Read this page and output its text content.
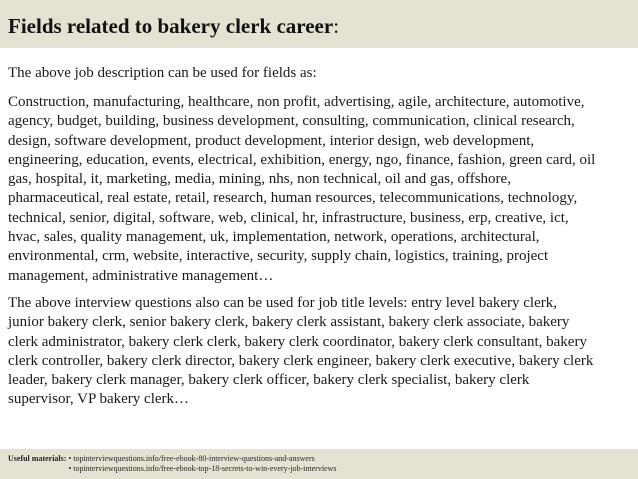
Fields related to bakery clerk career:

The above job description can be used for fields as:

Construction, manufacturing, healthcare, non profit, advertising, agile, architecture, automotive,
agency, budget, building, business development, consulting, communication, clinical research,
design, software development, product development, interior design, web development,
engineering, education, events, electrical, exhibition, energy, ngo, finance, fashion, green card, oil
gas, hospital, it, marketing, media, mining, nhs, non technical, oil and gas, offshore,
pharmaceutical, real estate, retail, research, human resources, telecommunications, technology,
technical, senior, digital, software, web, clinical, hr, infrastructure, business, erp, creative, ict,
hvac, sales, quality management, uk, implementation, network, operations, architectural,
environmental, crm, website, interactive, security, supply chain, logistics, training, project
management, administrative management…

The above interview questions also can be used for job title levels: entry level bakery clerk,
junior bakery clerk, senior bakery clerk, bakery clerk assistant, bakery clerk associate, bakery
clerk administrator, bakery clerk clerk, bakery clerk coordinator, bakery clerk consultant, bakery
clerk controller, bakery clerk director, bakery clerk engineer, bakery clerk executive, bakery clerk
leader, bakery clerk manager, bakery clerk officer, bakery clerk specialist, bakery clerk
supervisor, VP bakery clerk…

Useful materials:	• topinterviewquestions.info/free-ebook-80-interview-questions-and-answers
• topinterviewquestions.info/free-ebook-top-18-secrets-to-win-every-job-interviews
